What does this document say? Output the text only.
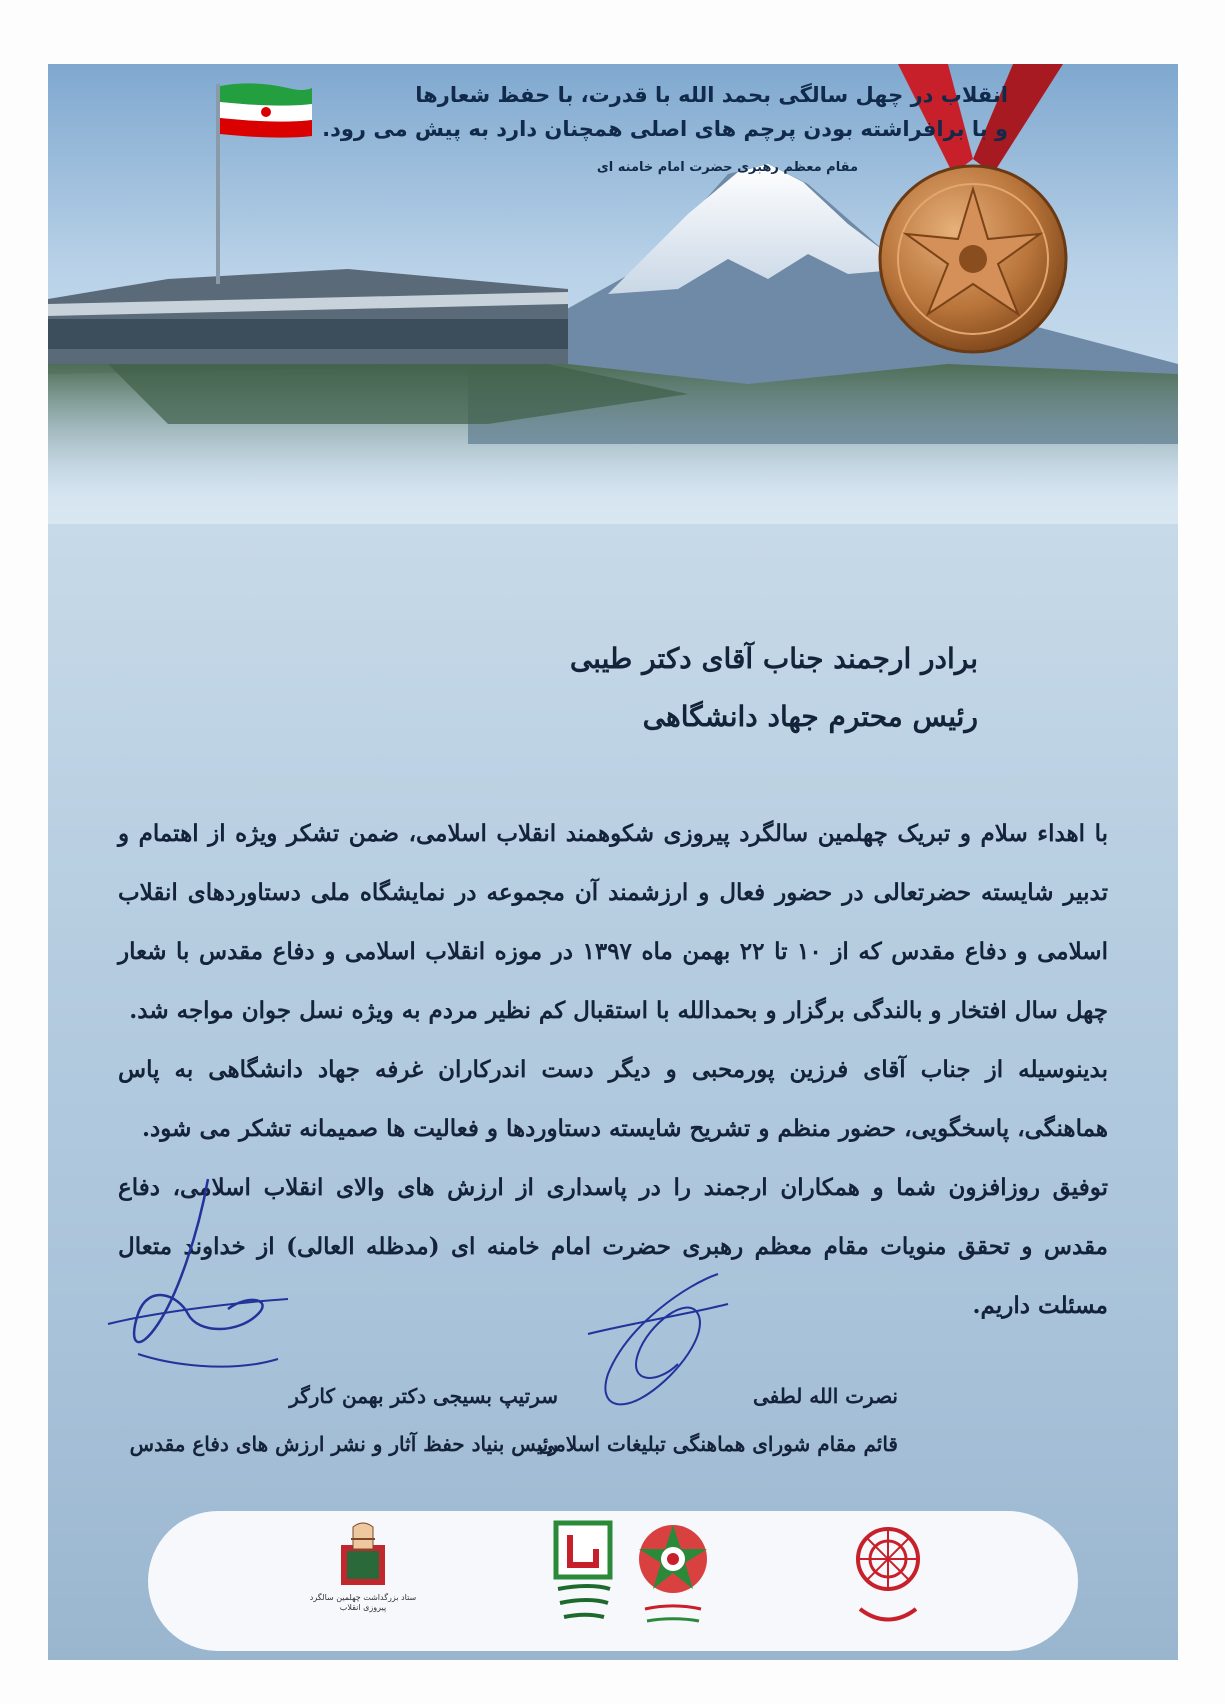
انقلاب در چهل سالگی بحمد الله با قدرت، با حفظ شعارها
و با برافراشته بودن پرچم های اصلی همچنان دارد به پیش می رود.
مقام معظم رهبری حضرت امام خامنه ای
برادر ارجمند جناب آقای دکتر طیبی
رئیس محترم جهاد دانشگاهی

با اهداء سلام و تبریک چهلمین سالگرد پیروزی شکوهمند انقلاب اسلامی، ضمن تشکر ویژه از اهتمام و تدبیر شایسته حضرتعالی در حضور فعال و ارزشمند آن مجموعه در نمایشگاه ملی دستاوردهای انقلاب اسلامی و دفاع مقدس که از ۱۰ تا ۲۲ بهمن ماه ۱۳۹۷ در موزه انقلاب اسلامی و دفاع مقدس با شعار چهل سال افتخار و بالندگی برگزار و بحمدالله با استقبال کم نظیر مردم به ویژه نسل جوان مواجه شد.

بدینوسیله از جناب آقای فرزین پورمحبی و دیگر دست اندرکاران غرفه جهاد دانشگاهی به پاس هماهنگی، پاسخگویی، حضور منظم و تشریح شایسته دستاوردها و فعالیت ها صمیمانه تشکر می شود.

توفیق روزافزون شما و همکاران ارجمند را در پاسداری از ارزش های والای انقلاب اسلامی، دفاع مقدس و تحقق منویات مقام معظم رهبری حضرت امام خامنه ای (مدظله العالی) از خداوند متعال مسئلت داریم.

نصرت الله لطفی
قائم مقام شورای هماهنگی تبلیغات اسلامی
سرتیپ بسیجی دکتر بهمن کارگر
رئیس بنیاد حفظ آثار و نشر ارزش های دفاع مقدس
ستاد بزرگداشت چهلمین سالگرد پیروزی انقلاب
